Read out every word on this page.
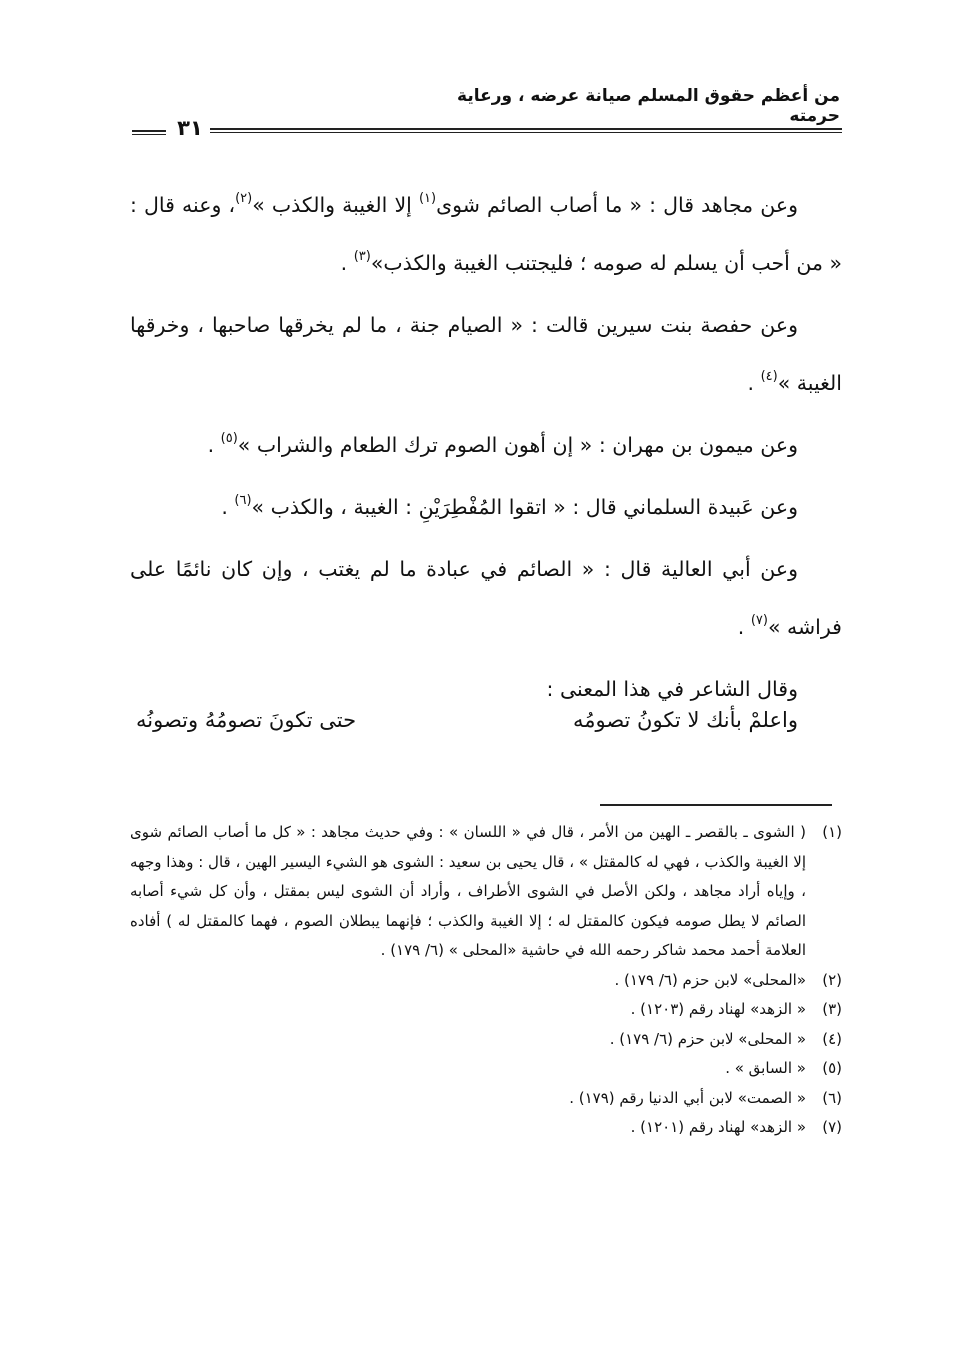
من أعظم حقوق المسلم صيانة عرضه ، ورعاية حرمته
٣١

وعن مجاهد قال : « ما أصاب الصائم شوى$^{(١)}$ إلا الغيبة والكذب »$^{(٢)}$، وعنه قال : « من أحب أن يسلم له صومه ؛ فليجتنب الغيبة والكذب»$^{(٣)}$ .

وعن حفصة بنت سيرين قالت : « الصيام جنة ، ما لم يخرقها صاحبها ، وخرقها الغيبة »$^{(٤)}$ .

وعن ميمون بن مهران : « إن أهون الصوم ترك الطعام والشراب »$^{(٥)}$ .

وعن عَبيدة السلماني قال : « اتقوا المُفْطِرَيْنِ : الغيبة ، والكذب »$^{(٦)}$ .

وعن أبي العالية قال : « الصائم في عبادة ما لم يغتب ، وإن كان نائمًا على فراشه »$^{(٧)}$ .

وقال الشاعر في هذا المعنى :

واعلمْ بأنك لا تكونُ تصومُه
حتى تكونَ تصومُهُ وتصونُه

(١)
( الشوى ـ بالقصر ـ الهين من الأمر ، قال في « اللسان » : وفي حديث مجاهد : « كل ما أصاب الصائم شوى إلا الغيبة والكذب ، فهي له كالمقتل » ، قال يحيى بن سعيد : الشوى هو الشيء اليسير الهين ، قال : وهذا وجهه ، وإياه أراد مجاهد ، ولكن الأصل في الشوى الأطراف ، وأراد أن الشوى ليس بمقتل ، وأن كل شيء أصابه الصائم لا يطل صومه فيكون كالمقتل له ؛ إلا الغيبة والكذب ؛ فإنهما يبطلان الصوم ، فهما كالمقتل له ) أفاده العلامة أحمد محمد شاكر رحمه الله في حاشية «المحلى » (٦/ ١٧٩) .

(٢)
«المحلى» لابن حزم (٦/ ١٧٩) .

(٣)
« الزهد» لهناد رقم (١٢٠٣) .

(٤)
« المحلى» لابن حزم (٦/ ١٧٩) .

(٥)
« السابق » .

(٦)
« الصمت» لابن أبي الدنيا رقم (١٧٩) .

(٧)
« الزهد» لهناد رقم (١٢٠١) .
